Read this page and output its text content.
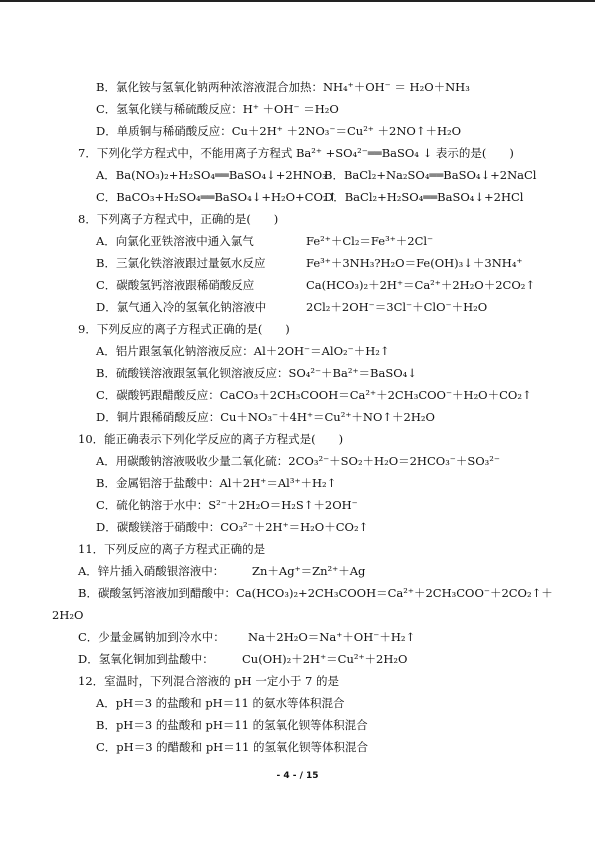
B．氯化铵与氢氧化钠两种浓溶液混合加热：NH₄⁺＋OH⁻ ＝ H₂O＋NH₃
C．氢氧化镁与稀硫酸反应：H⁺ ＋OH⁻ ＝H₂O
D．单质铜与稀硝酸反应：Cu＋2H⁺ ＋2NO₃⁻＝Cu²⁺ ＋2NO↑＋H₂O
7．下列化学方程式中，不能用离子方程式 Ba²⁺ +SO₄²⁻══BaSO₄ ↓ 表示的是(　　)
A．Ba(NO₃)₂+H₂SO₄══BaSO₄↓+2HNO₃
B．BaCl₂+Na₂SO₄══BaSO₄↓+2NaCl
C．BaCO₃+H₂SO₄══BaSO₄↓+H₂O+CO₂↑
D．BaCl₂+H₂SO₄══BaSO₄↓+2HCl
8．下列离子方程式中，正确的是(　　)
A．向氯化亚铁溶液中通入氯气	Fe²⁺＋Cl₂＝Fe³⁺＋2Cl⁻
B．三氯化铁溶液跟过量氨水反应	Fe³⁺＋3NH₃?H₂O＝Fe(OH)₃↓＋3NH₄⁺
C．碳酸氢钙溶液跟稀硝酸反应	Ca(HCO₃)₂＋2H⁺＝Ca²⁺＋2H₂O＋2CO₂↑
D．氯气通入冷的氢氧化钠溶液中	2Cl₂＋2OH⁻＝3Cl⁻＋ClO⁻＋H₂O
9．下列反应的离子方程式正确的是(　　)
A．铝片跟氢氧化钠溶液反应：Al＋2OH⁻＝AlO₂⁻＋H₂↑
B．硫酸镁溶液跟氢氧化钡溶液反应：SO₄²⁻＋Ba²⁺＝BaSO₄↓
C．碳酸钙跟醋酸反应：CaCO₃＋2CH₃COOH＝Ca²⁺＋2CH₃COO⁻＋H₂O＋CO₂↑
D．铜片跟稀硝酸反应：Cu＋NO₃⁻＋4H⁺＝Cu²⁺＋NO↑＋2H₂O
10．能正确表示下列化学反应的离子方程式是(　　)
A．用碳酸钠溶液吸收少量二氧化硫：2CO₃²⁻＋SO₂＋H₂O＝2HCO₃⁻＋SO₃²⁻
B．金属铝溶于盐酸中：Al＋2H⁺＝Al³⁺＋H₂↑
C．硫化钠溶于水中：S²⁻＋2H₂O＝H₂S↑＋2OH⁻
D．碳酸镁溶于硝酸中：CO₃²⁻＋2H⁺＝H₂O＋CO₂↑
11．下列反应的离子方程式正确的是
A．锌片插入硝酸银溶液中： Zn＋Ag⁺＝Zn²⁺＋Ag
B．碳酸氢钙溶液加到醋酸中：Ca(HCO₃)₂+2CH₃COOH＝Ca²⁺＋2CH₃COO⁻＋2CO₂↑＋
2H₂O
C．少量金属钠加到冷水中： Na＋2H₂O＝Na⁺＋OH⁻＋H₂↑
D．氢氧化铜加到盐酸中： Cu(OH)₂＋2H⁺＝Cu²⁺＋2H₂O
12．室温时，下列混合溶液的 pH 一定小于 7 的是
A．pH＝3 的盐酸和 pH＝11 的氨水等体积混合
B．pH＝3 的盐酸和 pH＝11 的氢氧化钡等体积混合
C．pH＝3 的醋酸和 pH＝11 的氢氧化钡等体积混合
- 4 - / 15
